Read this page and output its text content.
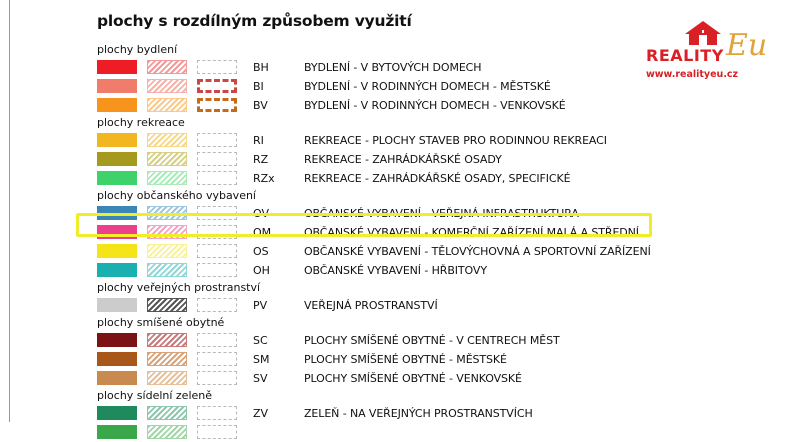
plochy s rozdílným způsobem využití
plochy bydlení
BH	BYDLENÍ - V BYTOVÝCH DOMECH
BI	BYDLENÍ - V RODINNÝCH DOMECH - MĚSTSKÉ
BV	BYDLENÍ - V RODINNÝCH DOMECH - VENKOVSKÉ
plochy rekreace
RI	REKREACE - PLOCHY STAVEB PRO RODINNOU REKREACI
RZ	REKREACE - ZAHRÁDKÁŘSKÉ OSADY
RZx	REKREACE - ZAHRÁDKÁŘSKÉ OSADY, SPECIFICKÉ
plochy občanského vybavení
OV	OBČANSKÉ VYBAVENÍ - VEŘEJNÁ INFRASTRUKTURA
OM	OBČANSKÉ VYBAVENÍ - KOMERČNÍ ZAŘÍZENÍ MALÁ A STŘEDNÍ
OS	OBČANSKÉ VYBAVENÍ - TĚLOVÝCHOVNÁ A SPORTOVNÍ ZAŘÍZENÍ
OH	OBČANSKÉ VYBAVENÍ - HŘBITOVY
plochy veřejných prostranství
PV	VEŘEJNÁ PROSTRANSTVÍ
plochy smíšené obytné
SC	PLOCHY SMÍŠENÉ OBYTNÉ - V CENTRECH MĚST
SM	PLOCHY SMÍŠENÉ OBYTNÉ - MĚSTSKÉ
SV	PLOCHY SMÍŠENÉ OBYTNÉ - VENKOVSKÉ
plochy sídelní zeleně
ZV	ZELEŇ - NA VEŘEJNÝCH PROSTRANSTVÍCH
REALITY Eu
www.realityeu.cz
